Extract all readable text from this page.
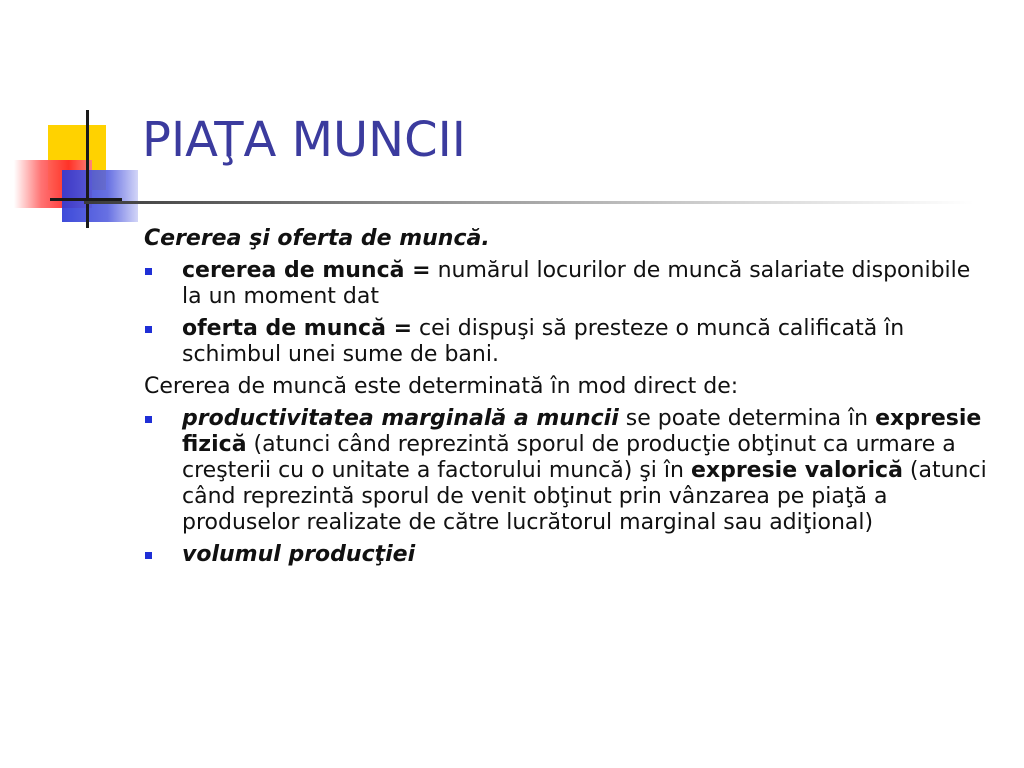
PIAŢA MUNCII

Cererea şi oferta de muncă.

cererea de muncă = numărul locurilor de muncă salariate disponibile la un moment dat
oferta de muncă = cei dispuşi să presteze o muncă calificată în schimbul unei sume de bani.

Cererea de muncă este determinată în mod direct de:

productivitatea marginală a muncii se poate determina în expresie fizică (atunci când reprezintă sporul de producţie obţinut ca urmare a creşterii cu o unitate a factorului muncă) şi în expresie valorică (atunci când reprezintă sporul de venit obţinut prin vânzarea pe piaţă a produselor realizate de către lucrătorul marginal sau adiţional)
volumul producţiei
